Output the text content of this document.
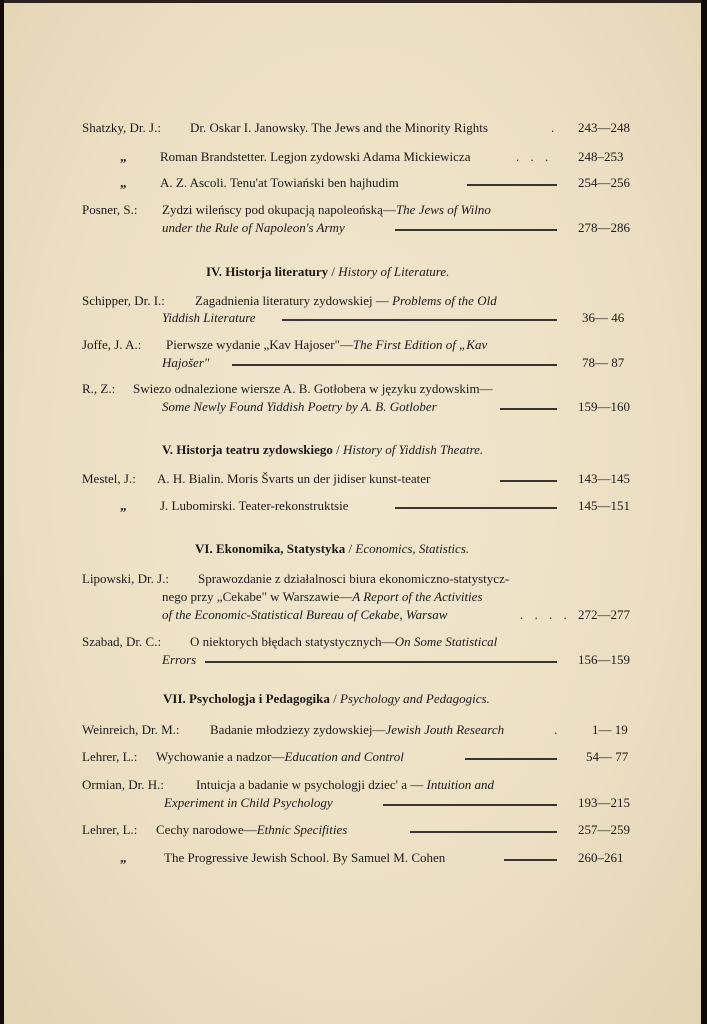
Shatzky, Dr. J.: Dr. Oskar I. Janowsky. The Jews and the Minority Rights	. 243—248
„	Roman Brandstetter. Legjon zydowski Adama Mickiewicza	. . . 248–253
„	A. Z. Ascoli. Tenu'at Towiański ben hajhudim	254—256
Posner, S.: Zydzi wileńscy pod okupacją napoleońską—The Jews of Wilno
under the Rule of Napoleon's Army	278—286
IV. Historja literatury / History of Literature.
Schipper, Dr. I.: Zagadnienia literatury zydowskiej — Problems of the Old
Yiddish Literature	36— 46
Joffe, J. A.: Pierwsze wydanie „Kav Hajoser"—The First Edition of „Kav
Hajošer"	78— 87
R., Z.: Swiezo odnalezione wiersze A. B. Gotłobera w języku zydowskim—
Some Newly Found Yiddish Poetry by A. B. Gotlober	159—160
V. Historja teatru zydowskiego / History of Yiddish Theatre.
Mestel, J.: A. H. Bialin. Moris Švarts un der jidiser kunst-teater	143—145
„	J. Lubomirski. Teater-rekonstruktsie	145—151
VI. Ekonomika, Statystyka / Economics, Statistics.
Lipowski, Dr. J.: Sprawozdanie z działalnosci biura ekonomiczno-statystycz-
nego przy „Cekabe" w Warszawie—A Report of the Activities
of the Economic-Statistical Bureau of Cekabe, Warsaw	. . . . 272—277
Szabad, Dr. C.: O niektorych błędach statystycznych—On Some Statistical
Errors	156—159
VII. Psychologja i Pedagogika / Psychology and Pedagogics.
Weinreich, Dr. M.: Badanie młodziezy zydowskiej—Jewish Jouth Research	. 1— 19
Lehrer, L.: Wychowanie a nadzor—Education and Control	54— 77
Ormian, Dr. H.: Intuicja a badanie w psychologji dziec' a — Intuition and
Experiment in Child Psychology	193—215
Lehrer, L.: Cechy narodowe—Ethnic Specifities	257—259
„	The Progressive Jewish School. By Samuel M. Cohen	260–261
